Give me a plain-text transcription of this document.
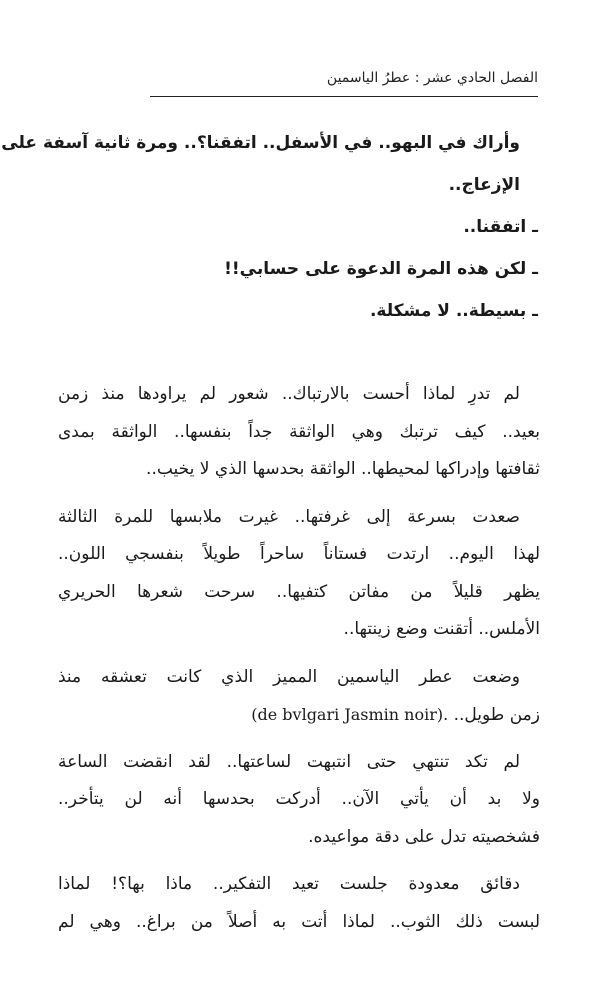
الفصل الحادي عشر : عطرُ الياسمين
وأراك في البهو.. في الأسفل.. اتفقنا؟.. ومرة ثانية آسفة على
الإزعاج..
ـ اتفقنا..
ـ لكن هذه المرة الدعوة على حسابي!!
ـ بسيطة.. لا مشكلة.
لم تدرِ لماذا أحست بالارتباك.. شعور لم يراودها منذ زمن
بعيد.. كيف ترتبك وهي الواثقة جداً بنفسها.. الواثقة بمدى
ثقافتها وإدراكها لمحيطها.. الواثقة بحدسها الذي لا يخيب..
صعدت بسرعة إلى غرفتها.. غيرت ملابسها للمرة الثالثة
لهذا اليوم.. ارتدت فستاناً ساحراً طويلاً بنفسجي اللون..
يظهر قليلاً من مفاتن كتفيها.. سرحت شعرها الحريري
الأملس.. أتقنت وضع زينتها..
وضعت عطر الياسمين المميز الذي كانت تعشقه منذ
زمن طويل.. (de bvlgari Jasmin noir).
لم تكد تنتهي حتى انتبهت لساعتها.. لقد انقضت الساعة
ولا بد أن يأتي الآن.. أدركت بحدسها أنه لن يتأخر..
فشخصيته تدل على دقة مواعيده.
دقائق معدودة جلست تعيد التفكير.. ماذا بها؟! لماذا
لبست ذلك الثوب.. لماذا أتت به أصلاً من براغ.. وهي لم
